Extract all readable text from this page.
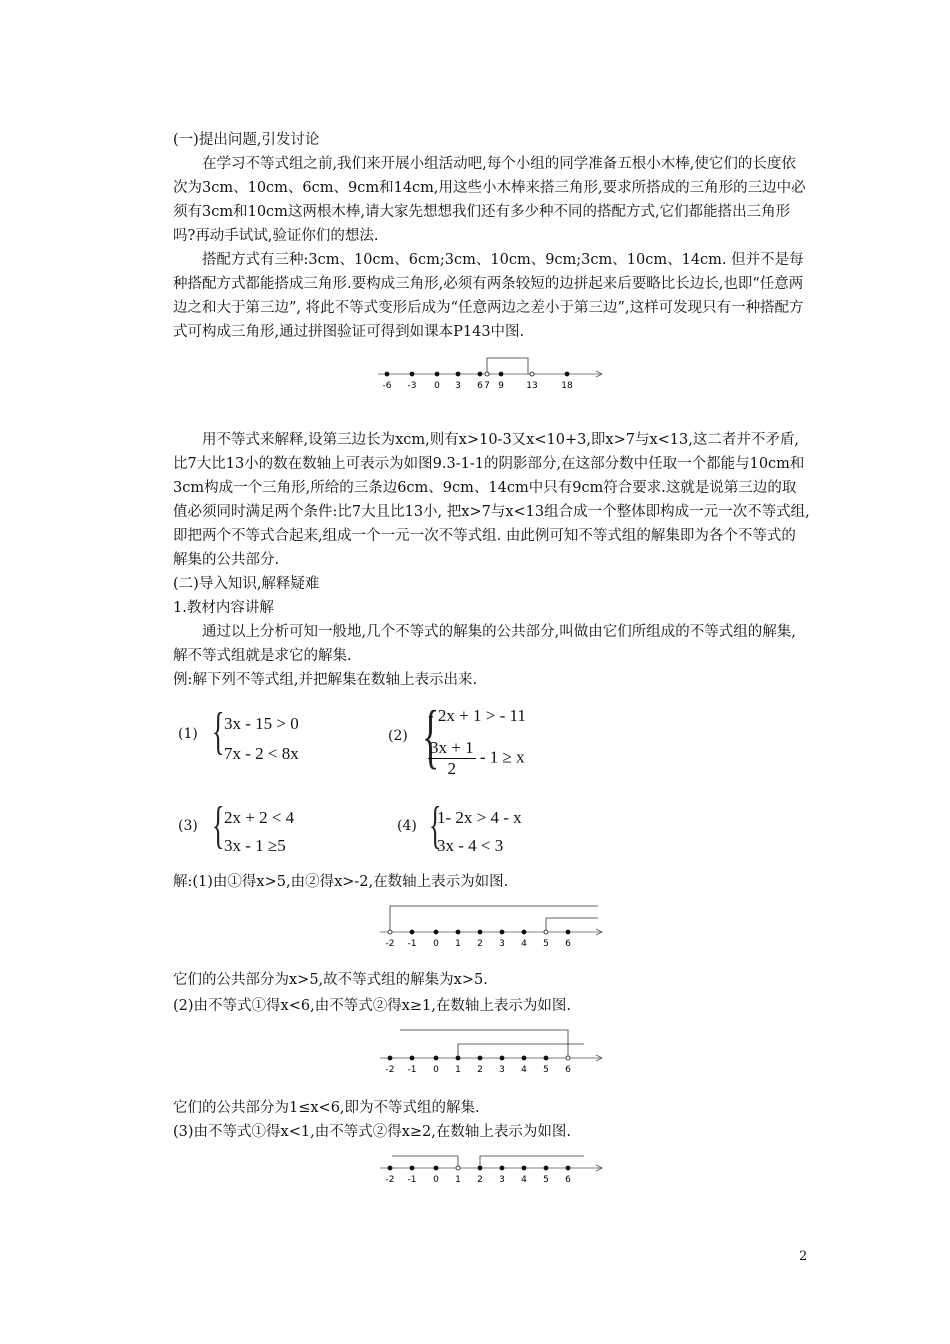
(一)提出问题,引发讨论

在学习不等式组之前,我们来开展小组活动吧,每个小组的同学准备五根小木棒,使它们的长度依次为3cm、10cm、6cm、9cm和14cm,用这些小木棒来搭三角形,要求所搭成的三角形的三边中必须有3cm和10cm这两根木棒,请大家先想想我们还有多少种不同的搭配方式,它们都能搭出三角形吗?再动手试试,验证你们的想法.

搭配方式有三种:3cm、10cm、6cm;3cm、10cm、9cm;3cm、10cm、14cm. 但并不是每种搭配方式都能搭成三角形.要构成三角形,必须有两条较短的边拼起来后要略比长边长,也即“任意两边之和大于第三边”, 将此不等式变形后成为“任意两边之差小于第三边”,这样可发现只有一种搭配方式可构成三角形,通过拼图验证可得到如课本P143中图.

-6 -3 0 3 6 7 9 13	18

用不等式来解释,设第三边长为xcm,则有x>10-3又x<10+3,即x>7与x<13,这二者并不矛盾,比7大比13小的数在数轴上可表示为如图9.3-1-1的阴影部分,在这部分数中任取一个都能与10cm和3cm构成一个三角形,所给的三条边6cm、9cm、14cm中只有9cm符合要求.这就是说第三边的取值必须同时满足两个条件:比7大且比13小, 把x>7与x<13组合成一个整体即构成一元一次不等式组,即把两个不等式合起来,组成一个一元一次不等式组. 由此例可知不等式组的解集即为各个不等式的解集的公共部分.

(二)导入知识,解释疑难
1.教材内容讲解

通过以上分析可知一般地,几个不等式的解集的公共部分,叫做由它们所组成的不等式组的解集,解不等式组就是求它的解集.

例:解下列不等式组,并把解集在数轴上表示出来.
(1) { 3x - 15 > 0
7x - 2 < 8x
(2) {
- 2x + 1 > - 11
$\frac{3x + 1}{2} - 1 \ge x$
(3) { 2x + 2 < 4
3x - 1 ≥5
(4) {
1- 2x > 4 - x
3x - 4 < 3
解:(1)由①得x>5,由②得x>-2,在数轴上表示为如图.
-2 -1 0 1 2 3 4 5 6
它们的公共部分为x>5,故不等式组的解集为x>5.
(2)由不等式①得x<6,由不等式②得x≥1,在数轴上表示为如图.
-2 -1 0 1 2 3 4 5 6
它们的公共部分为1≤x<6,即为不等式组的解集.
(3)由不等式①得x<1,由不等式②得x≥2,在数轴上表示为如图.
-2 -1 0 1 2 3 4 5 6
2
